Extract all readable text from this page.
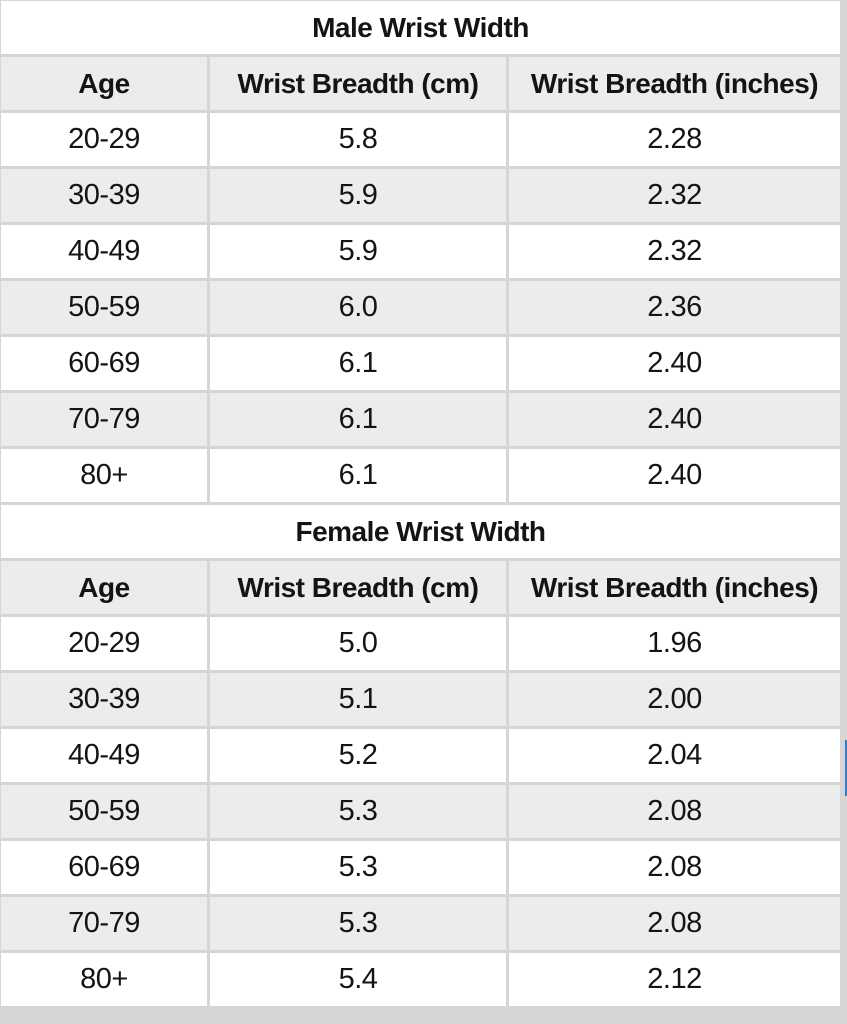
Male Wrist Width		
Age	Wrist Breadth (cm)	Wrist Breadth (inches)
20-29	5.8	2.28
30-39	5.9	2.32
40-49	5.9	2.32
50-59	6.0	2.36
60-69	6.1	2.40
70-79	6.1	2.40
80+	6.1	2.40
Female Wrist Width		
Age	Wrist Breadth (cm)	Wrist Breadth (inches)
20-29	5.0	1.96
30-39	5.1	2.00
40-49	5.2	2.04
50-59	5.3	2.08
60-69	5.3	2.08
70-79	5.3	2.08
80+	5.4	2.12
